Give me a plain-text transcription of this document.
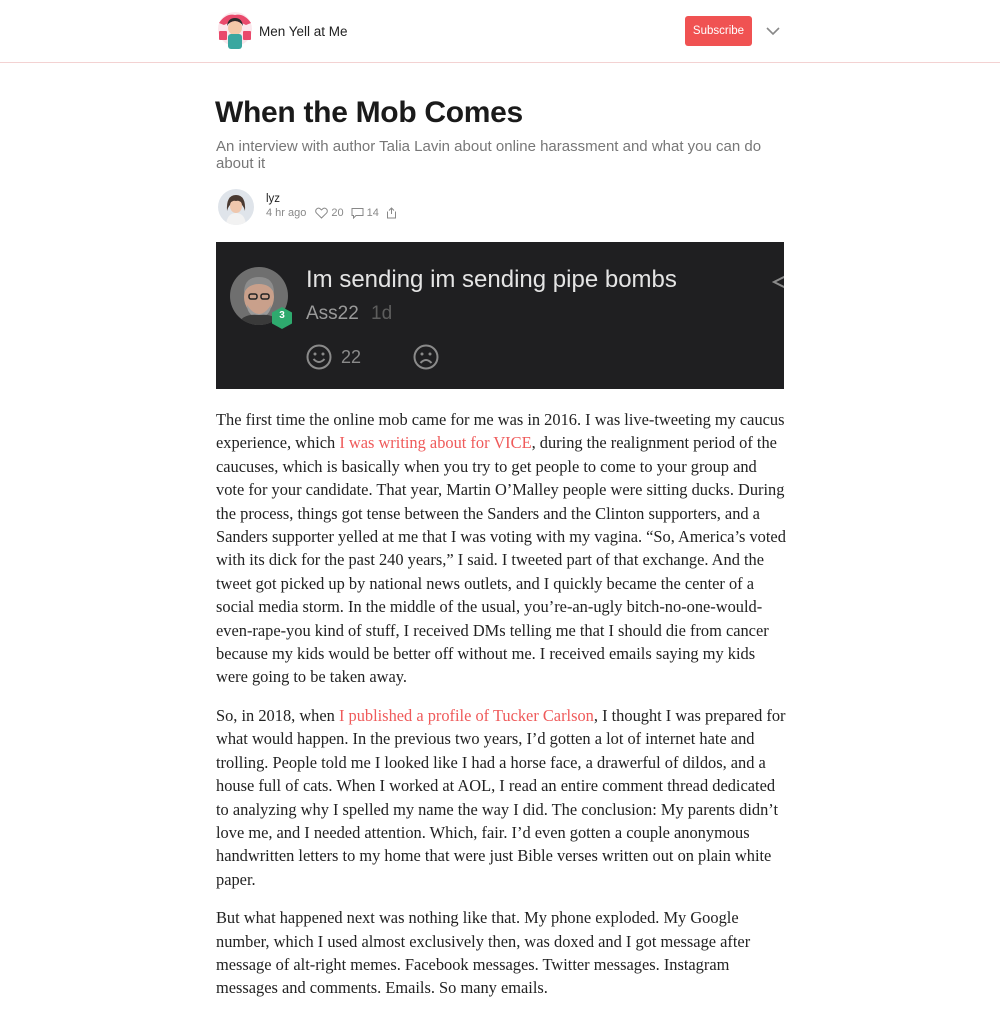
Men Yell at Me	Subscribe
When the Mob Comes

An interview with author Talia Lavin about online harassment and what you can do about it

lyz
4 hr ago 20 14
3
Im sending im sending pipe bombs
Ass22 1d
22

The first time the online mob came for me was in 2016. I was live-tweeting my caucus experience, which I was writing about for VICE, during the realignment period of the caucuses, which is basically when you try to get people to come to your group and vote for your candidate. That year, Martin O’Malley people were sitting ducks. During the process, things got tense between the Sanders and the Clinton supporters, and a Sanders supporter yelled at me that I was voting with my vagina. “So, America’s voted with its dick for the past 240 years,” I said. I tweeted part of that exchange. And the tweet got picked up by national news outlets, and I quickly became the center of a social media storm. In the middle of the usual, you’re-an-ugly bitch-no-one-would-even-rape-you kind of stuff, I received DMs telling me that I should die from cancer because my kids would be better off without me. I received emails saying my kids were going to be taken away.

So, in 2018, when I published a profile of Tucker Carlson, I thought I was prepared for what would happen. In the previous two years, I’d gotten a lot of internet hate and trolling. People told me I looked like I had a horse face, a drawerful of dildos, and a house full of cats. When I worked at AOL, I read an entire comment thread dedicated to analyzing why I spelled my name the way I did. The conclusion: My parents didn’t love me, and I needed attention. Which, fair. I’d even gotten a couple anonymous handwritten letters to my home that were just Bible verses written out on plain white paper.

But what happened next was nothing like that. My phone exploded. My Google number, which I used almost exclusively then, was doxed and I got message after message of alt-right memes. Facebook messages. Twitter messages. Instagram messages and comments. Emails. So many emails.
